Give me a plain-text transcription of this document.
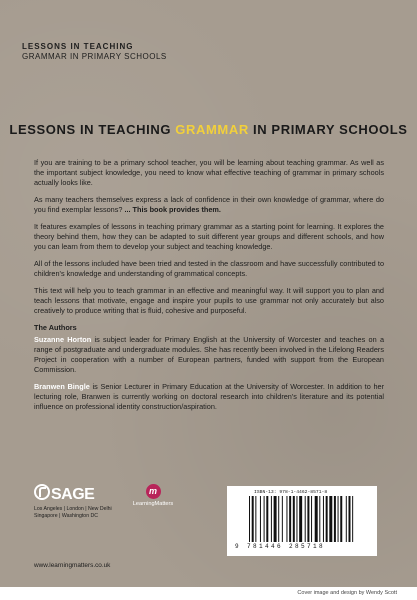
LESSONS IN TEACHING
GRAMMAR IN PRIMARY SCHOOLS
LESSONS IN TEACHING GRAMMAR IN PRIMARY SCHOOLS

If you are training to be a primary school teacher, you will be learning about teaching grammar. As well as the important subject knowledge, you need to know what effective teaching of grammar in primary schools actually looks like.

As many teachers themselves express a lack of confidence in their own knowledge of grammar, where do you find exemplar lessons? ... This book provides them.

It features examples of lessons in teaching primary grammar as a starting point for learning. It explores the theory behind them, how they can be adapted to suit different year groups and different schools, and how you can learn from them to develop your subject and teaching knowledge.

All of the lessons included have been tried and tested in the classroom and have successfully contributed to children's knowledge and understanding of grammatical concepts.

This text will help you to teach grammar in an effective and meaningful way. It will support you to plan and teach lessons that motivate, engage and inspire your pupils to use grammar not only accurately but also creatively to produce writing that is fluid, cohesive and purposeful.

The Authors

Suzanne Horton is subject leader for Primary English at the University of Worcester and teaches on a range of postgraduate and undergraduate modules. She has recently been involved in the Lifelong Readers Project in cooperation with a number of European partners, funded with support from the European Commission.

Branwen Bingle is Senior Lecturer in Primary Education at the University of Worcester. In addition to her lecturing role, Branwen is currently working on doctoral research into children's literature and its potential influence on professional identity construction/aspiration.

SAGE
Los Angeles | London | New Delhi
Singapore | Washington DC
m
LearningMatters
www.learningmatters.co.uk
ISBN-13: 978-1-4462-8571-8
9 781446 285718
Cover image and design by Wendy Scott
